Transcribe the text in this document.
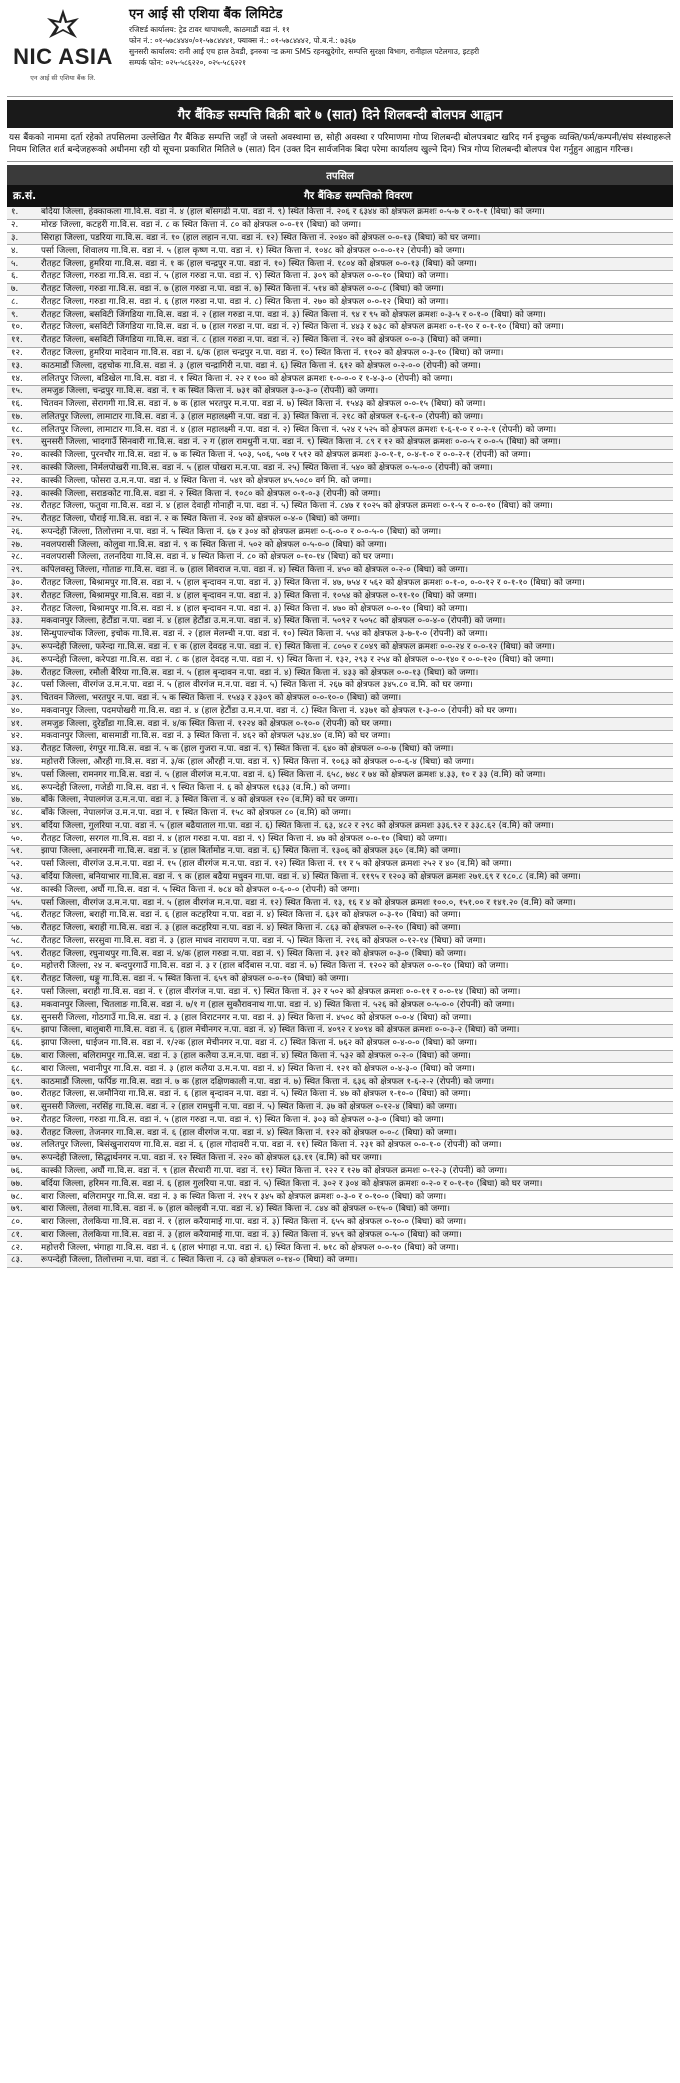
NIC ASIA
एन आई सी एशिया बैंक लि.
एन आई सी एशिया बैंक लिमिटेड
रजिष्टर्ड कार्यालय: ट्रेड टावर थापाथली, काठमाडौं वडा नं. ११
फोन नं.: ०१-५७८४४४०/०१-५७८४४४१, फ्याक्स नं.: ०१-५७८४४४२, पो.ब.नं.: ७३६७
सुनसरी कार्यालय: रानी आई एच हाल ठेवडी, इनरुवा र्‍ड क्रमा SMS रहनखुदेगोर, सम्पत्ति सुरक्षा विभाग, रानीहाल पटेलगाउ, इटहरी
सम्पर्क फोन: ०२५-५८६२२०, ०२५-५८६२२१
गैर बैंकिङ सम्पत्ति बिक्री बारे ७ (सात) दिने शिलबन्दी बोलपत्र आह्वान
यस बैंकको नाममा दर्ता रहेको तपसिलमा उल्लेखित गैर बैंकिङ सम्पत्ति जहाँ जे जस्तो अवस्थामा छ, सोही अवस्था र परिमाणमा गोप्य शिलबन्दी बोलपत्रबाट खरिद गर्न इच्छुक व्यक्ति/फर्म/कम्पनी/संघ संस्थाहरूले नियम शिलित शर्त बन्देजहरूको अधीनमा रही यो सूचना प्रकाशित मितिले ७ (सात) दिन (उक्त दिन सार्वजनिक बिदा परेमा कार्यालय खुल्ने दिन) भित्र गोप्य शिलबन्दी बोलपत्र पेश गर्नुहुन आह्वान गरिन्छ।
तपसिल
क्र.सं.	गैर बैंकिङ सम्पत्तिको विवरण
१.	बर्दिया जिल्ला, हेक्काकला गा.वि.स. वडा नं. ४ (हाल बाँसगढी न.पा. वडा नं. ९) स्थित कित्ता नं. २०६ र ६३४४ को क्षेत्रफल क्रमशः ०-५-७ र ०-१-१ (बिघा) को जग्गा।
२.	मोरङ जिल्ला, कटहरी गा.वि.स. वडा नं. ८ क स्थित कित्ता नं. ८० को क्षेत्रफल ०-०-११ (बिघा) को जग्गा।
३.	सिराहा जिल्ला, पडरिया गा.वि.स. वडा नं. १० (हाल लहान न.पा. वडा नं. १२) स्थित कित्ता नं. २०४० को क्षेत्रफल ०-०-१३ (बिघा) को घर जग्गा।
४.	पर्सा जिल्ला, शिवालय गा.वि.स. वडा नं. ५ (हाल कृष्ण न.पा. वडा नं. १) स्थित कित्ता नं. १०४८ को क्षेत्रफल ०-०-०-१२ (रोपनी) को जग्गा।
५.	रौतहट जिल्ला, हुमरिया गा.वि.स. वडा नं. १ क (हाल चन्द्रपुर न.पा. वडा नं. १०) स्थित कित्ता नं. १८०४ को क्षेत्रफल ०-०-१३ (बिघा) को जग्गा।
६.	रौतहट जिल्ला, गरुडा गा.वि.स. वडा नं. ५ (हाल गरुडा न.पा. वडा नं. ९) स्थित कित्ता नं. ३०९ को क्षेत्रफल ०-०-१० (बिघा) को जग्गा।
७.	रौतहट जिल्ला, गरुडा गा.वि.स. वडा नं. ७ (हाल गरुडा न.पा. वडा नं. ७) स्थित कित्ता नं. ५१४ को क्षेत्रफल ०-०-८ (बिघा) को जग्गा।
८.	रौतहट जिल्ला, गरुडा गा.वि.स. वडा नं. ६ (हाल गरुडा न.पा. वडा नं. ८) स्थित कित्ता नं. २७० को क्षेत्रफल ०-०-१२ (बिघा) को जग्गा।
९.	रौतहट जिल्ला, बसविटी जिंगडिया गा.वि.स. वडा नं. २ (हाल गरुडा न.पा. वडा नं. ३) स्थित कित्ता नं. ९४ र ९५ को क्षेत्रफल क्रमशः ०-३-५ र ०-१-० (बिघा) को जग्गा।
१०.	रौतहट जिल्ला, बसविटी जिंगडिया गा.वि.स. वडा नं. ७ (हाल गरुडा न.पा. वडा नं. २) स्थित कित्ता नं. ४४३ र ७३८ को क्षेत्रफल क्रमशः ०-१-१० र ०-१-१० (बिघा) को जग्गा।
११.	रौतहट जिल्ला, बसविटी जिंगडिया गा.वि.स. वडा नं. ८ (हाल गरुडा न.पा. वडा नं. २) स्थित कित्ता नं. २१० को क्षेत्रफल ०-०-३ (बिघा) को जग्गा।
१२.	रौतहट जिल्ला, हुमरिया मादेवान गा.वि.स. वडा नं. ६/क (हाल चन्द्रपुर न.पा. वडा नं. १०) स्थित कित्ता नं. ११०२ को क्षेत्रफल ०-३-१० (बिघा) को जग्गा।
१३.	काठमाडौं जिल्ला, दहचोक गा.वि.स. वडा नं. ३ (हाल चन्द्रागिरी न.पा. वडा नं. ६) स्थित कित्ता नं. ६१२ को क्षेत्रफल ०-२-०-० (रोपनी) को जग्गा।
१४.	ललितपुर जिल्ला, बडिखेल गा.वि.स. वडा नं. १ स्थित कित्ता नं. २२ र १०० को क्षेत्रफल क्रमशः १-०-०-० र १-४-३-० (रोपनी) को जग्गा।
१५.	लमजुङ जिल्ला, चन्द्रपुर गा.वि.स. वडा नं. १ क स्थित कित्ता नं. ७३१ को क्षेत्रफल ३-०-३-० (रोपनी) को जग्गा।
१६.	चितवन जिल्ला, सेरागगी गा.वि.स. वडा नं. ७ क (हाल भरतपुर म.न.पा. वडा नं. ७) स्थित कित्ता नं. १५४३ को क्षेत्रफल ०-०-१५ (बिघा) को जग्गा।
१७.	ललितपुर जिल्ला, लामाटार गा.वि.स. वडा नं. ३ (हाल महालक्ष्मी न.पा. वडा नं. ३) स्थित कित्ता नं. २१८ को क्षेत्रफल १-६-१-० (रोपनी) को जग्गा।
१८.	ललितपुर जिल्ला, लामाटार गा.वि.स. वडा नं. ४ (हाल महालक्ष्मी न.पा. वडा नं. २) स्थित कित्ता नं. ५२४ र ५२५ को क्षेत्रफल क्रमशः १-६-१-० र ०-२-१ (रोपनी) को जग्गा।
१९.	सुनसरी जिल्ला, भादगाउँ सिनवारी गा.वि.स. वडा नं. २ ग (हाल रामधुनी न.पा. वडा नं. ९) स्थित कित्ता नं. ८९ र १२ को क्षेत्रफल क्रमशः ०-०-५ र ०-०-५ (बिघा) को जग्गा।
२०.	कास्की जिल्ला, पुरनचौर गा.वि.स. वडा नं. ७ क स्थित कित्ता नं. ५०३, ५०६, ५०७ र ५१२ को क्षेत्रफल क्रमशः ३-०-१-१, ०-४-१-० र ०-०-२-१ (रोपनी) को जग्गा।
२१.	कास्की जिल्ला, निर्मलपोखरी गा.वि.स. वडा नं. ५ (हाल पोखरा म.न.पा. वडा नं. २५) स्थित कित्ता नं. ५४० को क्षेत्रफल ०-५-०-० (रोपनी) को जग्गा।
२२.	कास्की जिल्ला, फोसरा उ.म.न.पा. वडा नं. ४ स्थित कित्ता नं. ५४१ को क्षेत्रफल ४५.५०८० वर्ग मि. को जग्गा।
२३.	कास्की जिल्ला, सराङकोट गा.वि.स. वडा नं. २ स्थित कित्ता नं. १०८० को क्षेत्रफल ०-१-०-३ (रोपनी) को जग्गा।
२४.	रौतहट जिल्ला, फतुवा गा.वि.स. वडा नं. ४ (हाल देवाही गोनाही न.पा. वडा नं. ५) स्थित कित्ता नं. ८४७ र १०२५ को क्षेत्रफल क्रमशः ०-१-५ र ०-०-१० (बिघा) को जग्गा।
२५.	रौतहट जिल्ला, पौराई गा.वि.स. वडा नं. २ क स्थित कित्ता नं. २०४ को क्षेत्रफल ०-४-० (बिघा) को जग्गा।
२६.	रूपन्देही जिल्ला, तिलोत्तमा न.पा. वडा नं. ५ स्थित कित्ता नं. ६७ र ३०४ को क्षेत्रफल क्रमशः ०-६-०-० र ०-०-५-० (बिघा) को जग्गा।
२७.	नवलपरासी जिल्ला, कोलुवा गा.वि.स. वडा नं. ९ क स्थित कित्ता नं. ५०२ को क्षेत्रफल ०-५-०-० (बिघा) को जग्गा।
२८.	नवलपरासी जिल्ला, तलनदिया गा.वि.स. वडा नं. ४ स्थित कित्ता नं. ८० को क्षेत्रफल ०-१०-१४ (बिघा) को घर जग्गा।
२९.	कपिलवस्तु जिल्ला, गोताङ गा.वि.स. वडा नं. ७ (हाल शिवराज न.पा. वडा नं. ४) स्थित कित्ता नं. ४५० को क्षेत्रफल ०-२-० (बिघा) को जग्गा।
३०.	रौतहट जिल्ला, बिश्रामपुर गा.वि.स. वडा नं. ५ (हाल बृन्दावन न.पा. वडा नं. ३) स्थित कित्ता नं. ४७, ७५४ र ५६२ को क्षेत्रफल क्रमशः ०-१-०, ०-०-१२ र ०-१-१० (बिघा) को जग्गा।
३१.	रौतहट जिल्ला, बिश्रामपुर गा.वि.स. वडा नं. ४ (हाल बृन्दावन न.पा. वडा नं. ३) स्थित कित्ता नं. १०५४ को क्षेत्रफल ०-११-१० (बिघा) को जग्गा।
३२.	रौतहट जिल्ला, बिश्रामपुर गा.वि.स. वडा नं. ४ (हाल बृन्दावन न.पा. वडा नं. ३) स्थित कित्ता नं. ४७० को क्षेत्रफल ०-०-१० (बिघा) को जग्गा।
३३.	मकवानपुर जिल्ला, हेटौंडा न.पा. वडा नं. ४ (हाल हेटौंडा उ.म.न.पा. वडा नं. ४) स्थित कित्ता नं. ५०९२ र ५०५८ को क्षेत्रफल ०-०-४-० (रोपनी) को जग्गा।
३४.	सिन्धुपाल्चोक जिल्ला, इचोक गा.वि.स. वडा नं. २ (हाल मेलम्ची न.पा. वडा नं. १०) स्थित कित्ता नं. ५५४ को क्षेत्रफल ३-७-१-० (रोपनी) को जग्गा।
३५.	रूपन्देही जिल्ला, फरेन्दा गा.वि.स. वडा नं. १ क (हाल देवदह न.पा. वडा नं. १) स्थित कित्ता नं. ८०५० र ८०४९ को क्षेत्रफल क्रमशः ०-०-२४ र ०-०-१२ (बिघा) को जग्गा।
३६.	रूपन्देही जिल्ला, करेपडा गा.वि.स. वडा नं. ८ क (हाल देवदह न.पा. वडा नं. ९) स्थित कित्ता नं. १३२, २९३ र २५४ को क्षेत्रफल ०-०-१४० र ०-०-१२० (बिघा) को जग्गा।
३७.	रौतहट जिल्ला, रमौली बैरिया गा.वि.स. वडा नं. ५ (हाल बृन्दावन न.पा. वडा नं. ४) स्थित कित्ता नं. ४३३ को क्षेत्रफल ०-०-१३ (बिघा) को जग्गा।
३८.	पर्सा जिल्ला, वीरगंज उ.म.न.पा. वडा नं. ५ (हाल वीरगंज म.न.पा. वडा नं. ५) स्थित कित्ता नं. २६७ को क्षेत्रफल ३४५.८० व.मि. को घर जग्गा।
३९.	चितवन जिल्ला, भरतपुर न.पा. वडा नं. ५ क स्थित कित्ता नं. १५४३ र ३३०९ को क्षेत्रफल ०-०-१०-० (बिघा) को जग्गा।
४०.	मकवानपुर जिल्ला, पदमपोखरी गा.वि.स. वडा नं. ४ (हाल हेटौंडा उ.म.न.पा. वडा नं. ८) स्थित कित्ता नं. ४३७१ को क्षेत्रफल १-३-०-० (रोपनी) को घर जग्गा।
४१.	लमजुङ जिल्ला, दुरेडाँडा गा.वि.स. वडा नं. ४/क स्थित कित्ता नं. १२२४ को क्षेत्रफल ०-१०-० (रोपनी) को घर जग्गा।
४२.	मकवानपुर जिल्ला, बासमाडी गा.वि.स. वडा नं. ३ स्थित कित्ता नं. ४६२ को क्षेत्रफल ५३४.४० (व.मि) को घर जग्गा।
४३.	रौतहट जिल्ला, रंगपुर गा.वि.स. वडा नं. ५ क (हाल गुजरा न.पा. वडा नं. ९) स्थित कित्ता नं. ६४० को क्षेत्रफल ०-०-७ (बिघा) को जग्गा।
४४.	महोत्तरी जिल्ला, औरही गा.वि.स. वडा नं. ३/क (हाल औरही न.पा. वडा नं. ९) स्थित कित्ता नं. १०६३ को क्षेत्रफल ०-०-६-४ (बिघा) को जग्गा।
४५.	पर्सा जिल्ला, रामनगर गा.वि.स. वडा नं. ५ (हाल वीरगंज म.न.पा. वडा नं. ६) स्थित कित्ता नं. ६५८, ७४८ र ७४ को क्षेत्रफल क्रमशः ४.३३, १० र ३३ (व.मि) को जग्गा।
४६.	रूपन्देही जिल्ला, गजेडी गा.वि.स. वडा नं. ९ स्थित कित्ता नं. ६ को क्षेत्रफल १६३३ (व.मि.) को जग्गा।
४७.	बाँके जिल्ला, नेपालगंज उ.म.न.पा. वडा नं. ३ स्थित कित्ता नं. ४ को क्षेत्रफल १२० (व.मि) को घर जग्गा।
४८.	बाँके जिल्ला, नेपालगंज उ.म.न.पा. वडा नं. १ स्थित कित्ता नं. १५८ को क्षेत्रफल ८० (व.मि) को जग्गा।
४९.	बर्दिया जिल्ला, गुलरिया न.पा. वडा नं. ५ (हाल बढैयाताल गा.पा. वडा नं. ६) स्थित कित्ता नं. ६३, ४८२ र २९८ को क्षेत्रफल क्रमशः ३३६.९२ र ३३८.६२ (व.मि) को जग्गा।
५०.	रौतहट जिल्ला, सरगल गा.वि.स. वडा नं. ४ (हाल गरुडा न.पा. वडा नं. ९) स्थित कित्ता नं. ४७ को क्षेत्रफल ०-०-१० (बिघा) को जग्गा।
५१.	झापा जिल्ला, अनारमनी गा.वि.स. वडा नं. ४ (हाल बिर्तामोड न.पा. वडा नं. ६) स्थित कित्ता नं. १३०६ को क्षेत्रफल ३६० (व.मि) को जग्गा।
५२.	पर्सा जिल्ला, वीरगंज उ.म.न.पा. वडा नं. १५ (हाल वीरगंज म.न.पा. वडा नं. १२) स्थित कित्ता नं. ११ र ५ को क्षेत्रफल क्रमशः २५२ र ४० (व.मि) को जग्गा।
५३.	बर्दिया जिल्ला, बनियाभार गा.वि.स. वडा नं. ९ क (हाल बढैया मधुवन गा.पा. वडा नं. ४) स्थित कित्ता नं. ११९५ र १२०३ को क्षेत्रफल क्रमशः २७१.६९ र १८०.८ (व.मि) को जग्गा।
५४.	कास्की जिल्ला, अर्घौ गा.वि.स. वडा नं. ५ स्थित कित्ता नं. ७८४ को क्षेत्रफल ०-६-०-० (रोपनी) को जग्गा।
५५.	पर्सा जिल्ला, वीरगंज उ.म.न.पा. वडा नं. ५ (हाल वीरगंज म.न.पा. वडा नं. १२) स्थित कित्ता नं. १३, १६ र ४ को क्षेत्रफल क्रमशः १००.०, १५१.०० र १४१.२० (व.मि) को जग्गा।
५६.	रौतहट जिल्ला, बराही गा.वि.स. वडा नं. ६ (हाल कटहरिया न.पा. वडा नं. ४) स्थित कित्ता नं. ६३१ को क्षेत्रफल ०-३-१० (बिघा) को जग्गा।
५७.	रौतहट जिल्ला, बराही गा.वि.स. वडा नं. ३ (हाल कटहरिया न.पा. वडा नं. ४) स्थित कित्ता नं. ८६३ को क्षेत्रफल ०-२-१० (बिघा) को जग्गा।
५८.	रौतहट जिल्ला, सरसुवा गा.वि.स. वडा नं. ३ (हाल माधव नारायण न.पा. वडा नं. ५) स्थित कित्ता नं. २१६ को क्षेत्रफल ०-१२-१४ (बिघा) को जग्गा।
५९.	रौतहट जिल्ला, रघुनाथपुर गा.वि.स. वडा नं. ४/क (हाल गरुडा न.पा. वडा नं. ९) स्थित कित्ता नं. ३१२ को क्षेत्रफल ०-३-० (बिघा) को जग्गा।
६०.	महोत्तरी जिल्ला, २४ न. बन्दपुरगाउँ गा.वि.स. वडा नं. ३ र (हाल बर्दिबास न.पा. वडा नं. ७) स्थित कित्ता नं. १२०२ को क्षेत्रफल ०-०-१० (बिघा) को जग्गा।
६१.	रौतहट जिल्ला, धङ्गु गा.वि.स. वडा नं. ५ स्थित कित्ता नं. ६५९ को क्षेत्रफल ०-०-१० (बिघा) को जग्गा।
६२.	पर्सा जिल्ला, बराही गा.वि.स. वडा नं. १ (हाल वीरगंज न.पा. वडा नं. ९) स्थित कित्ता नं. ३२ र ५०२ को क्षेत्रफल क्रमशः ०-०-११ र ०-०-१४ (बिघा) को जग्गा।
६३.	मकवानपुर जिल्ला, चितलाङ गा.वि.स. वडा नं. ७/१ ग (हाल सुकौरावनाथ गा.पा. वडा नं. ४) स्थित कित्ता नं. ५२६ को क्षेत्रफल ०-५-०-० (रोपनी) को जग्गा।
६४.	सुनसरी जिल्ला, गोठगाउँ गा.वि.स. वडा नं. ३ (हाल विराटनगर न.पा. वडा नं. ३) स्थित कित्ता नं. ४५०८ को क्षेत्रफल ०-०-४ (बिघा) को जग्गा।
६५.	झापा जिल्ला, बालुबारी गा.वि.स. वडा नं. ६ (हाल मेचीनगर न.पा. वडा नं. ४) स्थित कित्ता नं. ४०९२ र ४०९४ को क्षेत्रफल क्रमशः ०-०-३-२ (बिघा) को जग्गा।
६६.	झापा जिल्ला, धाईजन गा.वि.स. वडा नं. १/२क (हाल मेचीनगर न.पा. वडा नं. ८) स्थित कित्ता नं. ७६२ को क्षेत्रफल ०-४-०-० (बिघा) को जग्गा।
६७.	बारा जिल्ला, बलिरामपुर गा.वि.स. वडा नं. ३ (हाल कलैया उ.म.न.पा. वडा नं. ४) स्थित कित्ता नं. ५३२ को क्षेत्रफल ०-२-० (बिघा) को जग्गा।
६८.	बारा जिल्ला, भवानीपुर गा.वि.स. वडा नं. ३ (हाल कलैया उ.म.न.पा. वडा नं. ४) स्थित कित्ता नं. १२१ को क्षेत्रफल ०-४-३-० (बिघा) को जग्गा।
६९.	काठमाडौं जिल्ला, फर्पिङ गा.वि.स. वडा नं. ७ क (हाल दक्षिणकाली न.पा. वडा नं. ७) स्थित कित्ता नं. ६३६ को क्षेत्रफल १-६-२-२ (रोपनी) को जग्गा।
७०.	रौतहट जिल्ला, स.जमौनिया गा.वि.स. वडा नं. ६ (हाल बृन्दावन न.पा. वडा नं. ५) स्थित कित्ता नं. ४७ को क्षेत्रफल १-१०-० (बिघा) को जग्गा।
७१.	सुनसरी जिल्ला, नरसिंह गा.वि.स. वडा नं. २ (हाल रामधुनी न.पा. वडा नं. ५) स्थित कित्ता नं. ३७ को क्षेत्रफल ०-१२-४ (बिघा) को जग्गा।
७२.	रौतहट जिल्ला, गरुडा गा.वि.स. वडा नं. ५ (हाल गरुडा न.पा. वडा नं. ९) स्थित कित्ता नं. ३०३ को क्षेत्रफल ०-३-० (बिघा) को जग्गा।
७३.	रौतहट जिल्ला, तेजनगर गा.वि.स. वडा नं. ६ (हाल वीरगंज न.पा. वडा नं. ४) स्थित कित्ता नं. १२२ को क्षेत्रफल ०-०-८ (बिघा) को जग्गा।
७४.	ललितपुर जिल्ला, बिसंखुनारायण गा.वि.स. वडा नं. ६ (हाल गोदावरी न.पा. वडा नं. ११) स्थित कित्ता नं. २३१ को क्षेत्रफल ०-०-१-० (रोपनी) को जग्गा।
७५.	रूपन्देही जिल्ला, सिद्धार्थनगर न.पा. वडा नं. १२ स्थित कित्ता नं. २२० को क्षेत्रफल ६३.११ (व.मि) को घर जग्गा।
७६.	कास्की जिल्ला, अर्घौ गा.वि.स. वडा नं. ९ (हाल सैरधारी गा.पा. वडा नं. ११) स्थित कित्ता नं. १२२ र १२७ को क्षेत्रफल क्रमशः ०-१२-३ (रोपनी) को जग्गा।
७७.	बर्दिया जिल्ला, हरिमन गा.वि.स. वडा नं. ६ (हाल गुलरिया न.पा. वडा नं. ५) स्थित कित्ता नं. ३०२ र ३०४ को क्षेत्रफल क्रमशः ०-२-० र ०-१-१० (बिघा) को घर जग्गा।
७८.	बारा जिल्ला, बलिरामपुर गा.वि.स. वडा नं. ३ क स्थित कित्ता नं. २१५ र ३४५ को क्षेत्रफल क्रमशः ०-३-० र ०-१०-० (बिघा) को जग्गा।
७९.	बारा जिल्ला, तेलवा गा.वि.स. वडा नं. ७ (हाल कोल्हवी न.पा. वडा नं. ४) स्थित कित्ता नं. ८४४ को क्षेत्रफल ०-१५-० (बिघा) को जग्गा।
८०.	बारा जिल्ला, तेलकिया गा.वि.स. वडा नं. १ (हाल करैयामाई गा.पा. वडा नं. ३) स्थित कित्ता नं. ६५५ को क्षेत्रफल ०-१०-० (बिघा) को जग्गा।
८१.	बारा जिल्ला, तेलकिया गा.वि.स. वडा नं. ३ (हाल करैयामाई गा.पा. वडा नं. ३) स्थित कित्ता नं. ४५९ को क्षेत्रफल ०-५-० (बिघा) को जग्गा।
८२.	महोत्तरी जिल्ला, भंगाहा गा.वि.स. वडा नं. ६ (हाल भंगाहा न.पा. वडा नं. ६) स्थित कित्ता नं. ७१८ को क्षेत्रफल ०-०-१० (बिघा) को जग्गा।
८३.	रूपन्देही जिल्ला, तिलोत्तमा न.पा. वडा नं. ८ स्थित कित्ता नं. ८३ को क्षेत्रफल ०-१४-० (बिघा) को जग्गा।
